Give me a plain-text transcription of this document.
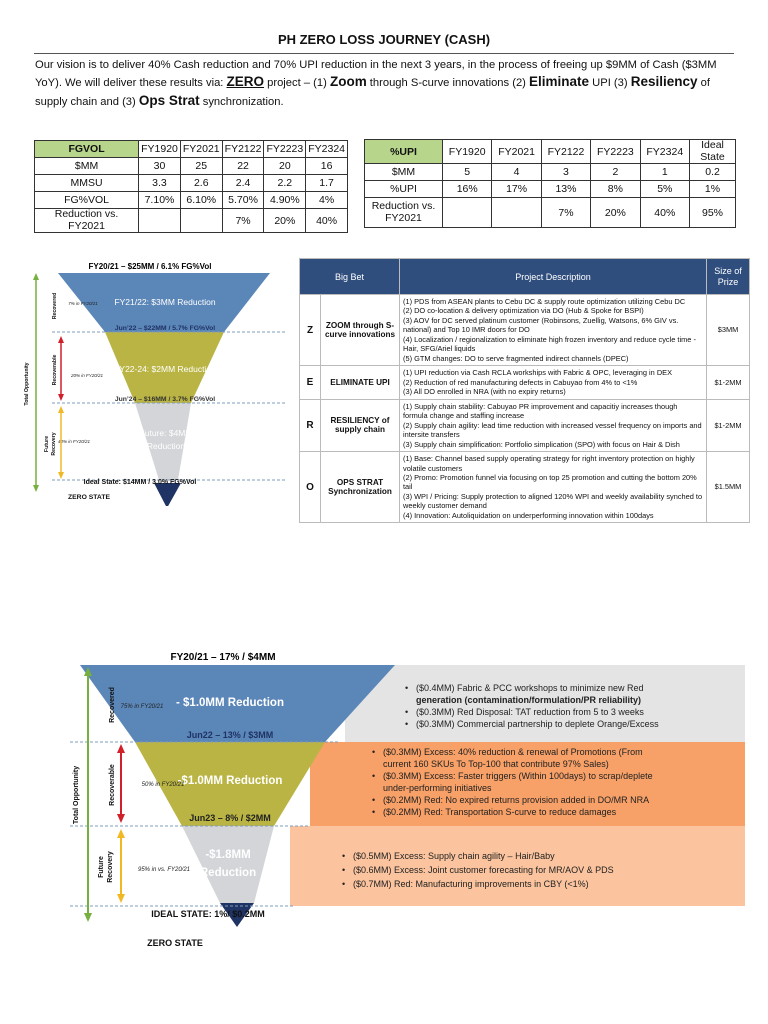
PH ZERO LOSS JOURNEY (CASH)
Our vision is to deliver 40% Cash reduction and 70% UPI reduction in the next 3 years, in the process of freeing up $9MM of Cash ($3MM YoY). We will deliver these results via: ZERO project – (1) Zoom through S-curve innovations (2) Eliminate UPI (3) Resiliency of supply chain and (3) Ops Strat synchronization.
FGVOL	FY1920	FY2021	FY2122	FY2223	FY2324
$MM	30	25	22	20	16
MMSU	3.3	2.6	2.4	2.2	1.7
FG%VOL	7.10%	6.10%	5.70%	4.90%	4%
Reduction vs. FY2021			7%	20%	40%
%UPI	FY1920	FY2021	FY2122	FY2223	FY2324	Ideal State
$MM	5	4	3	2	1	0.2
%UPI	16%	17%	13%	8%	5%	1%
Reduction vs. FY2021			7%	20%	40%	95%
Big Bet		Project Description	Size of Prize
Z	ZOOM through S-curve innovations	(1) PDS from ASEAN plants to Cebu DC & supply route optimization utilizing Cebu DC
(2) DO co-location & delivery optimization via DO (Hub & Spoke for BSPI)
(3) AOV for DC served platinum customer (Robinsons, Zuellig, Watsons, 6% GIV vs. national) and Top 10 IMR doors for DO
(4) Localization / regionalization to eliminate high frozen inventory and reduce cycle time - Hair, SFG/Ariel liquids
(5) GTM changes: DO to serve fragmented indirect channels (DPEC)	$3MM
E	ELIMINATE UPI	(1) UPI reduction via Cash RCLA workships with Fabric & OPC, leveraging in DEX
(2) Reduction of red manufacturing defects in Cabuyao from 4% to <1%
(3) All DO enrolled in NRA (with no expiry returns)	$1-2MM
R	RESILIENCY of supply chain	(1) Supply chain stability: Cabuyao PR improvement and capacitiy increases though formula change and staffing increase
(2) Supply chain agility: lead time reduction with increased vessel frequency on imports and intersite transfers
(3) Supply chain simplification: Portfolio simplication (SPO) with focus on Hair & Dish	$1-2MM
O	OPS STRAT Synchronization	(1) Base: Channel based supply operating strategy for right inventory protection on highly volatile customers
(2) Promo: Promotion funnel via focusing on top 25 promotion and cutting the bottom 20% tail
(3) WPI / Pricing: Supply protection to aligned 120% WPI and weekly availability synched to weekly customer demand
(4) Innovation: Autoliquidation on underperforming innovation within 100days	$1.5MM
FY20/21 – $25MM / 6.1% FG%Vol
FY21/22: $3MM Reduction
7% in FY20/21
Jun’22 – $22MM / 5.7% FG%Vol
FY22-24: $2MM Reduction
20% in FY20/21
Jun’24 – $16MM / 3.7% FG%Vol
Future: $4MM
Reduction
40% in FY20/21
Ideal State: $14MM / 3.0% FG%Vol
ZERO STATE
Total Opportunity
Recovered
Recoverable
Future Recovery
FY20/21 – 17% / $4MM
- $1.0MM Reduction
75% in FY20/21
Jun22 – 13% / $3MM
-$1.0MM Reduction
50% in FY20/21
Jun23 – 8% / $2MM
-$1.8MM
Reduction
95% in vs. FY20/21
IDEAL STATE: 1%/ $0.2MM
ZERO STATE
Total Opportunity
Recovered
Recoverable
Future Recovery
• ($0.4MM) Fabric & PCC workshops to minimize new Red
generation (contamination/formulation/PR reliability)
• ($0.3MM) Red Disposal: TAT reduction from 5 to 3 weeks
• ($0.3MM) Commercial partnership to deplete Orange/Excess
• ($0.3MM) Excess: 40% reduction & renewal of Promotions (From
current 160 SKUs To Top-100 that contribute 97% Sales)
• ($0.3MM) Excess: Faster triggers (Within 100days) to scrap/deplete
under-performing initiatives
• ($0.2MM) Red: No expired returns provision added in DO/MR NRA
• ($0.2MM) Red: Transportation S-curve to reduce damages
• ($0.5MM) Excess: Supply chain agility – Hair/Baby
• ($0.6MM) Excess: Joint customer forecasting for MR/AOV & PDS
• ($0.7MM) Red: Manufacturing improvements in CBY (<1%)
